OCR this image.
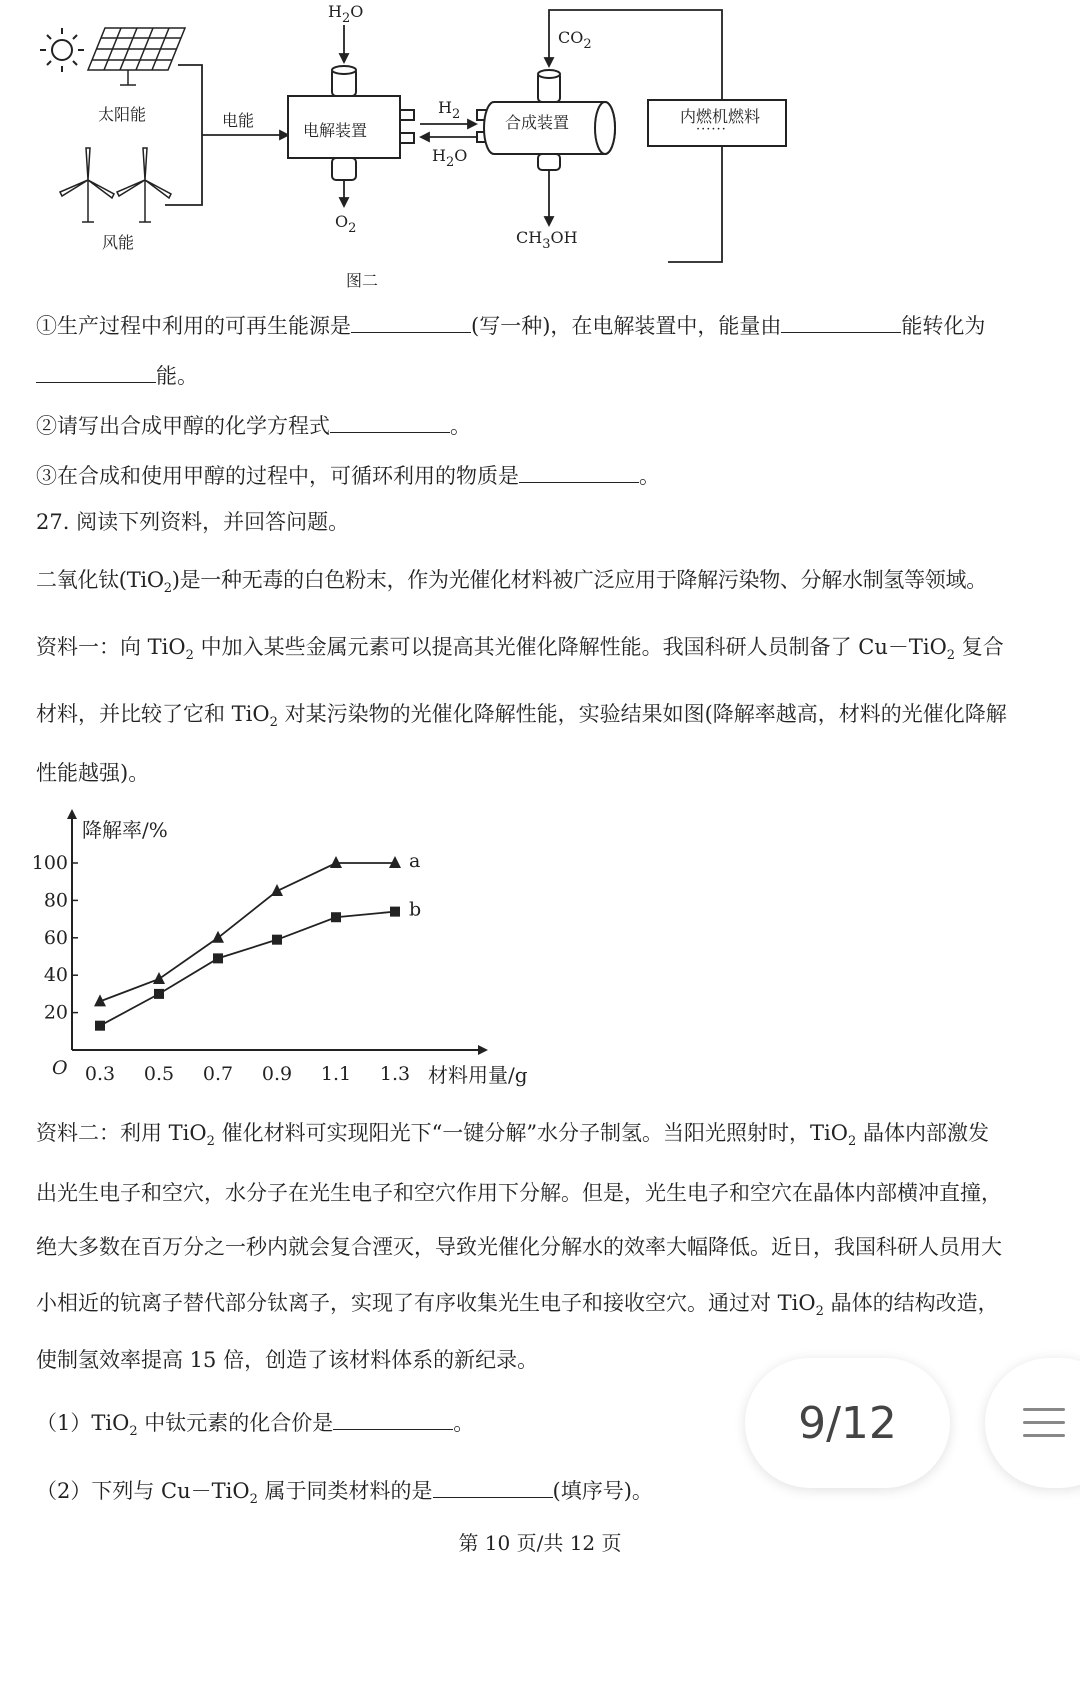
太阳能
风能
电能
电解装置	合成装置	内燃机燃料
······
$H_2O$
$O_2$
$H_2$
$H_2O$
$CO_2$
$CH_3OH$
图二
①生产过程中利用的可再生能源是	(写一种)，在电解装置中，能量由	能转化为
能。
②请写出合成甲醇的化学方程式	。
③在合成和使用甲醇的过程中，可循环利用的物质是	。
27. 阅读下列资料，并回答问题。
二氧化钛(TiO$_2$)是一种无毒的白色粉末，作为光催化材料被广泛应用于降解污染物、分解水制氢等领域。
资料一：向 TiO$_2$ 中加入某些金属元素可以提高其光催化降解性能。我国科研人员制备了 Cu－TiO$_2$ 复合
材料，并比较了它和 TiO$_2$ 对某污染物的光催化降解性能，实验结果如图(降解率越高，材料的光催化降解
性能越强)。
20
40
60
80
100
0.3 0.5 0.7 0.9 1.1 1.3
O
降解率/%
材料用量/g
a
b
资料二：利用 TiO$_2$ 催化材料可实现阳光下“一键分解”水分子制氢。当阳光照射时，TiO$_2$ 晶体内部激发
出光生电子和空穴，水分子在光生电子和空穴作用下分解。但是，光生电子和空穴在晶体内部横冲直撞，
绝大多数在百万分之一秒内就会复合湮灭，导致光催化分解水的效率大幅降低。近日，我国科研人员用大
小相近的钪离子替代部分钛离子，实现了有序收集光生电子和接收空穴。通过对 TiO$_2$ 晶体的结构改造，
使制氢效率提高 15 倍，创造了该材料体系的新纪录。
（1）TiO$_2$ 中钛元素的化合价是	。
（2）下列与 Cu－TiO$_2$ 属于同类材料的是	(填序号)。
第 10 页/共 12 页
9/12
